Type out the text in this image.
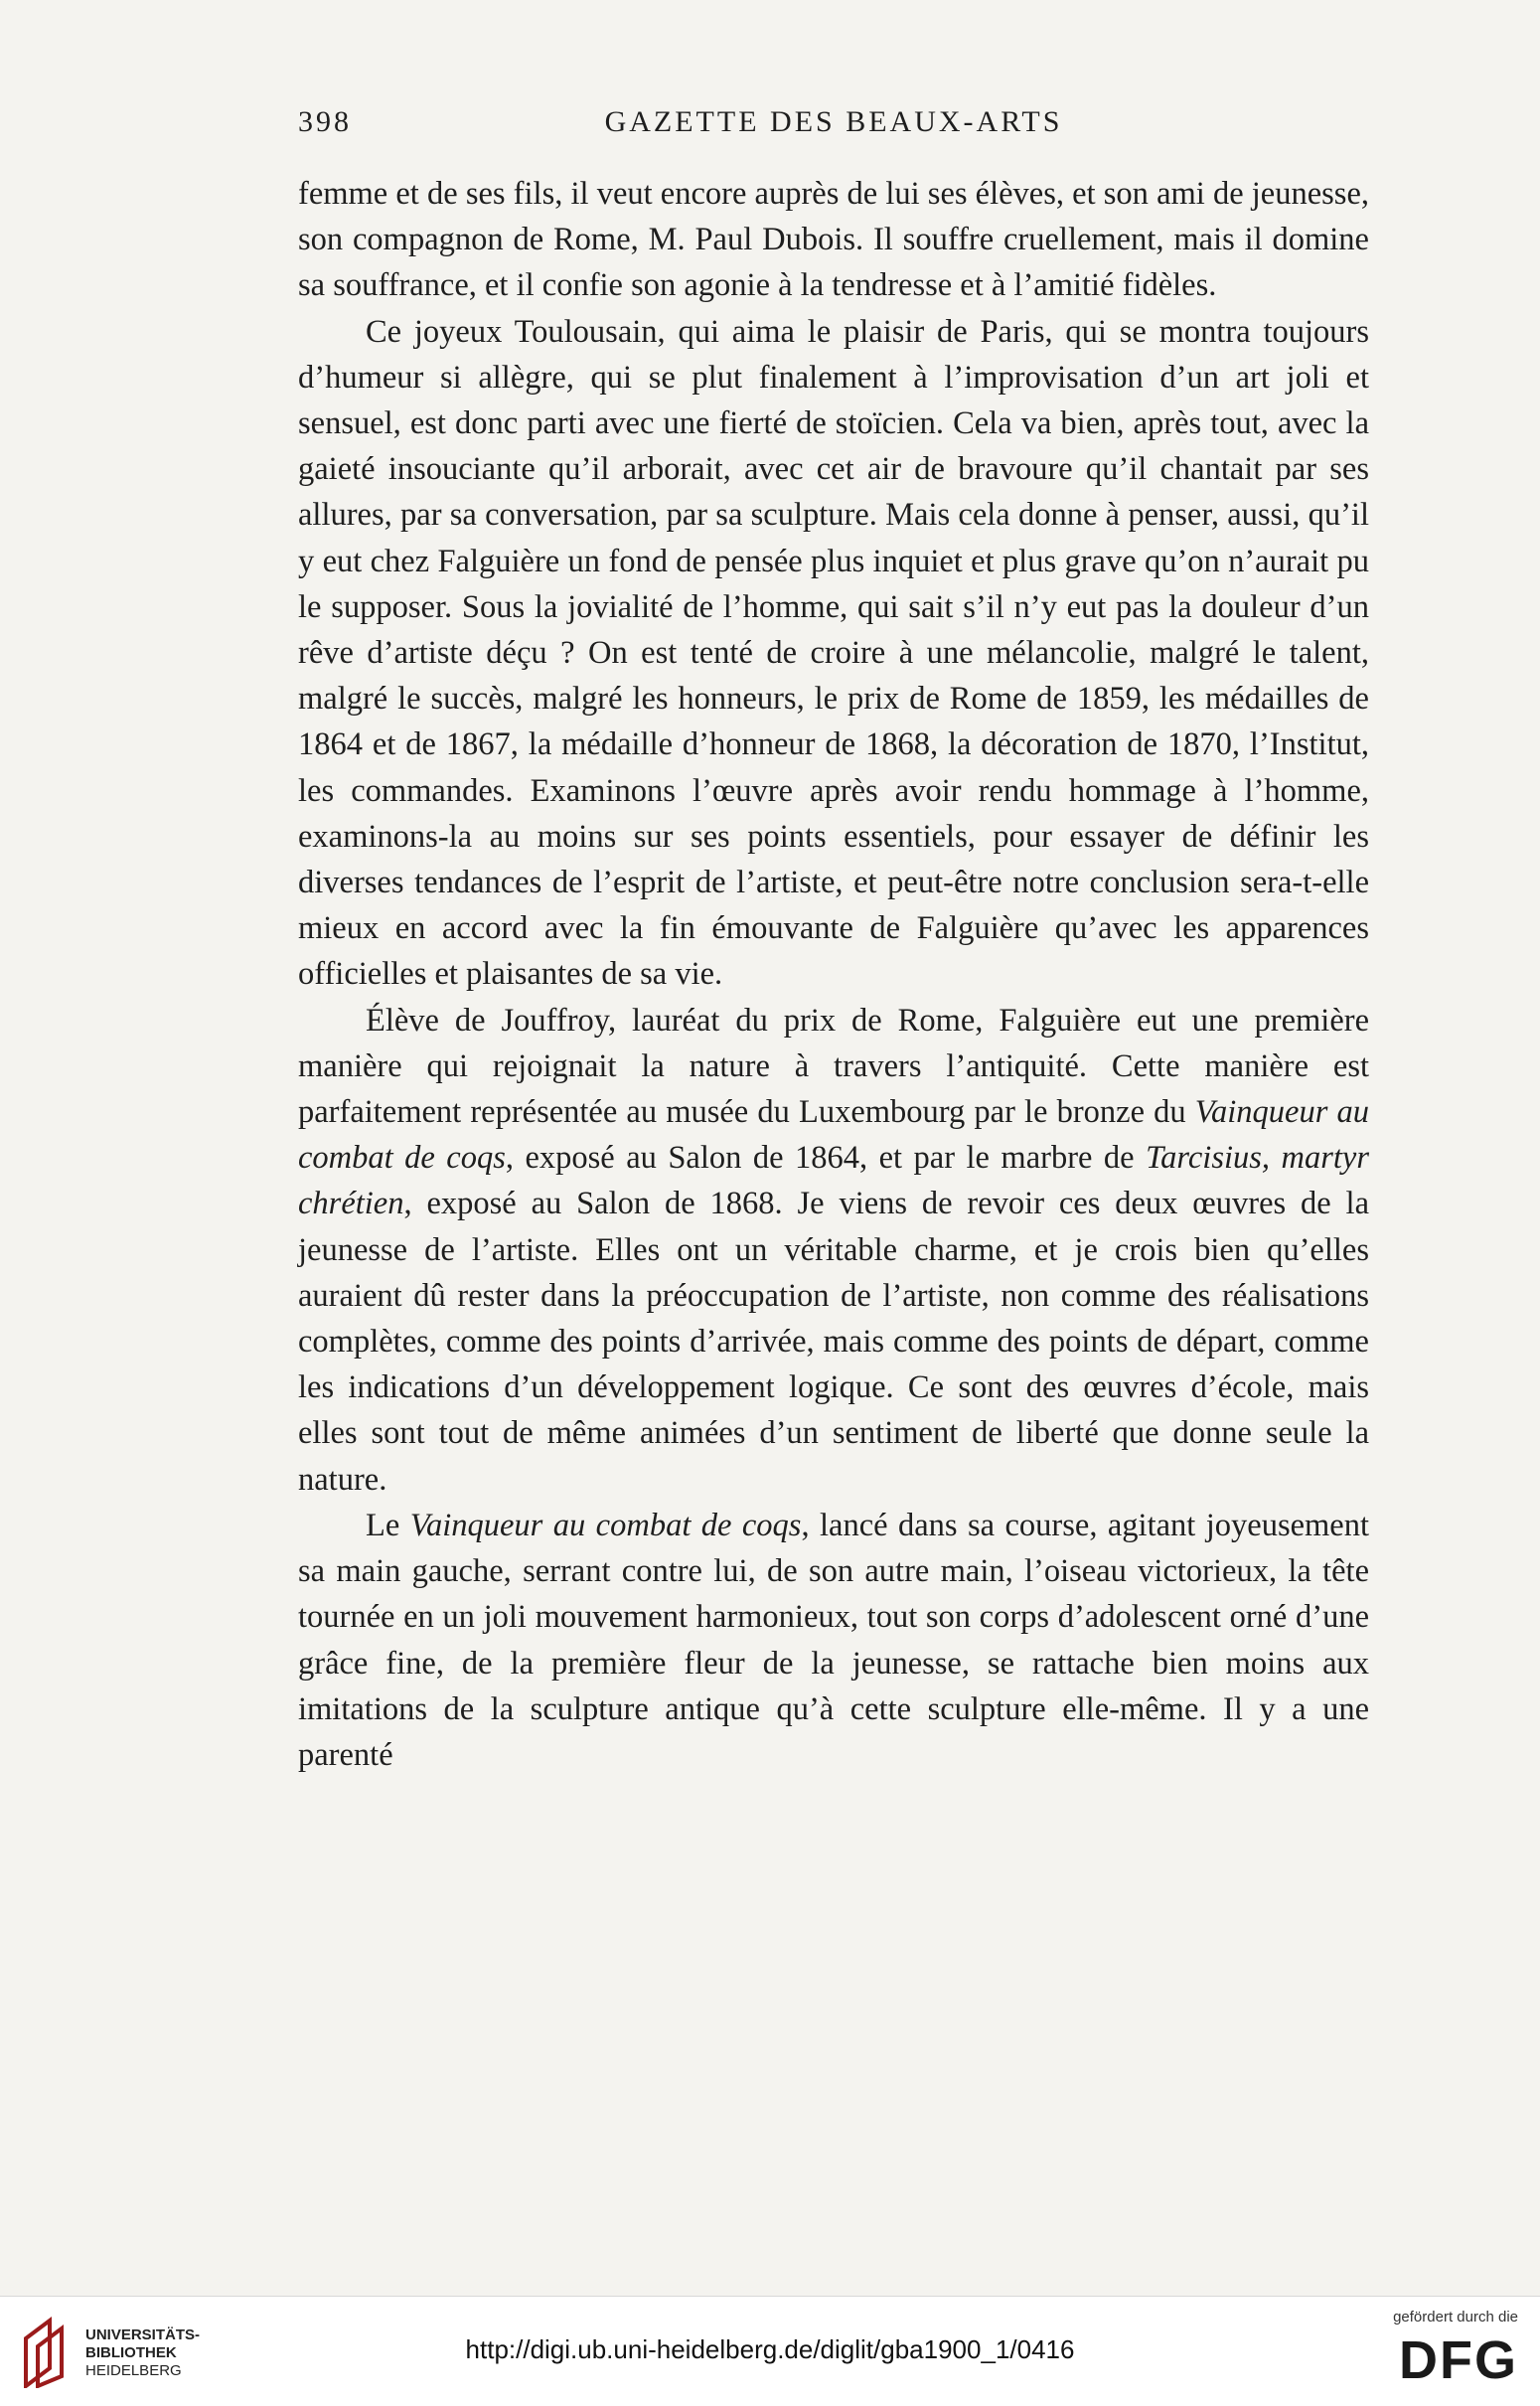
398	GAZETTE DES BEAUX-ARTS

femme et de ses fils, il veut encore auprès de lui ses élèves, et son ami de jeunesse, son compagnon de Rome, M. Paul Dubois. Il souffre cruellement, mais il domine sa souffrance, et il confie son agonie à la tendresse et à l’amitié fidèles.

Ce joyeux Toulousain, qui aima le plaisir de Paris, qui se montra toujours d’humeur si allègre, qui se plut finalement à l’improvisation d’un art joli et sensuel, est donc parti avec une fierté de stoïcien. Cela va bien, après tout, avec la gaieté insouciante qu’il arborait, avec cet air de bravoure qu’il chantait par ses allures, par sa conversation, par sa sculpture. Mais cela donne à penser, aussi, qu’il y eut chez Falguière un fond de pensée plus inquiet et plus grave qu’on n’aurait pu le supposer. Sous la jovialité de l’homme, qui sait s’il n’y eut pas la douleur d’un rêve d’artiste déçu ? On est tenté de croire à une mélancolie, malgré le talent, malgré le succès, malgré les honneurs, le prix de Rome de 1859, les médailles de 1864 et de 1867, la médaille d’honneur de 1868, la décoration de 1870, l’Institut, les commandes. Examinons l’œuvre après avoir rendu hommage à l’homme, examinons-la au moins sur ses points essentiels, pour essayer de définir les diverses tendances de l’esprit de l’artiste, et peut-être notre conclusion sera-t-elle mieux en accord avec la fin émouvante de Falguière qu’avec les apparences officielles et plaisantes de sa vie.

Élève de Jouffroy, lauréat du prix de Rome, Falguière eut une première manière qui rejoignait la nature à travers l’antiquité. Cette manière est parfaitement représentée au musée du Luxembourg par le bronze du Vainqueur au combat de coqs, exposé au Salon de 1864, et par le marbre de Tarcisius, martyr chrétien, exposé au Salon de 1868. Je viens de revoir ces deux œuvres de la jeunesse de l’artiste. Elles ont un véritable charme, et je crois bien qu’elles auraient dû rester dans la préoccupation de l’artiste, non comme des réalisations complètes, comme des points d’arrivée, mais comme des points de départ, comme les indications d’un développement logique. Ce sont des œuvres d’école, mais elles sont tout de même animées d’un sentiment de liberté que donne seule la nature.

Le Vainqueur au combat de coqs, lancé dans sa course, agitant joyeusement sa main gauche, serrant contre lui, de son autre main, l’oiseau victorieux, la tête tournée en un joli mouvement harmonieux, tout son corps d’adolescent orné d’une grâce fine, de la première fleur de la jeunesse, se rattache bien moins aux imitations de la sculpture antique qu’à cette sculpture elle-même. Il y a une parenté

UNIVERSITÄTS-
BIBLIOTHEK
HEIDELBERG
http://digi.ub.uni-heidelberg.de/diglit/gba1900_1/0416
gefördert durch die
DFG
